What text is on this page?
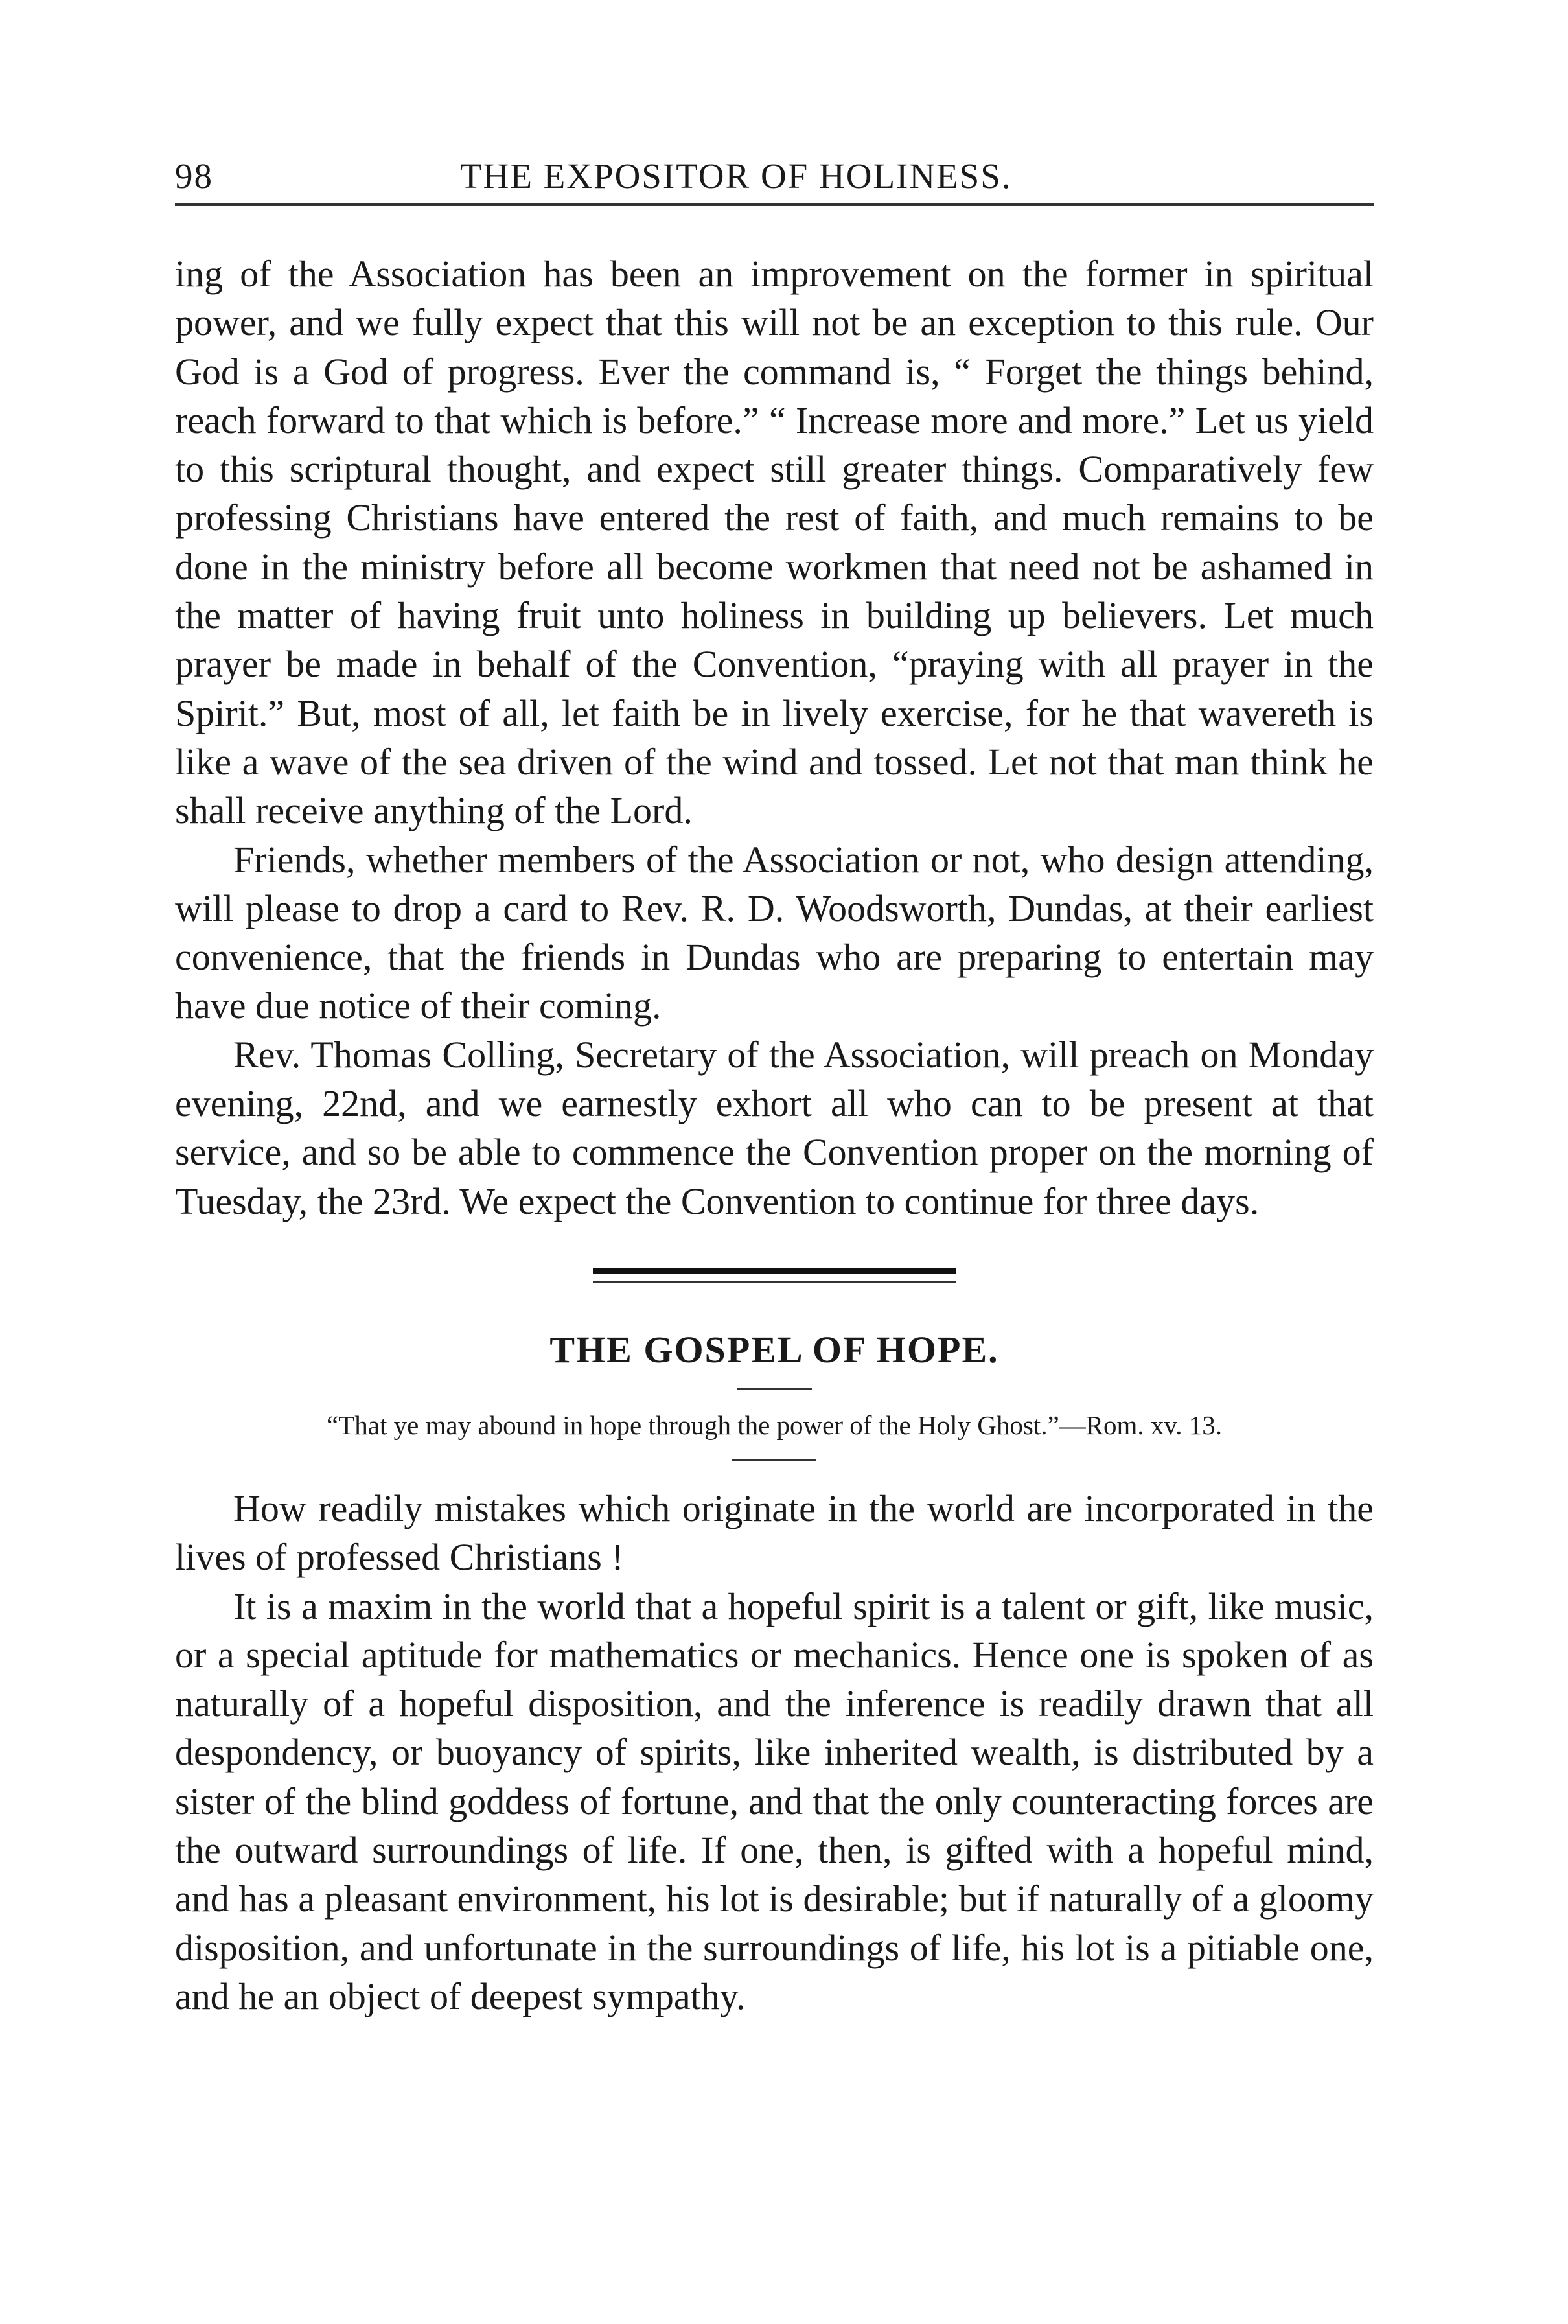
98	THE EXPOSITOR OF HOLINESS.

ing of the Association has been an improvement on the former in spiritual power, and we fully expect that this will not be an exception to this rule. Our God is a God of progress. Ever the command is, “ Forget the things behind, reach forward to that which is before.” “ Increase more and more.” Let us yield to this scriptural thought, and expect still greater things. Comparatively few professing Christians have entered the rest of faith, and much remains to be done in the ministry before all become workmen that need not be ashamed in the matter of having fruit unto holiness in building up believers. Let much prayer be made in behalf of the Convention, “praying with all prayer in the Spirit.” But, most of all, let faith be in lively exercise, for he that wavereth is like a wave of the sea driven of the wind and tossed. Let not that man think he shall receive anything of the Lord.

Friends, whether members of the Association or not, who design attending, will please to drop a card to Rev. R. D. Woodsworth, Dundas, at their earliest convenience, that the friends in Dundas who are preparing to entertain may have due notice of their coming.

Rev. Thomas Colling, Secretary of the Association, will preach on Monday evening, 22nd, and we earnestly exhort all who can to be present at that service, and so be able to commence the Convention proper on the morning of Tuesday, the 23rd. We expect the Convention to continue for three days.

THE GOSPEL OF HOPE.

“That ye may abound in hope through the power of the Holy Ghost.”—Rom. xv. 13.

How readily mistakes which originate in the world are incorporated in the lives of professed Christians !

It is a maxim in the world that a hopeful spirit is a talent or gift, like music, or a special aptitude for mathematics or mechanics. Hence one is spoken of as naturally of a hopeful disposition, and the inference is readily drawn that all despondency, or buoyancy of spirits, like inherited wealth, is distributed by a sister of the blind goddess of fortune, and that the only counteracting forces are the outward surroundings of life. If one, then, is gifted with a hopeful mind, and has a pleasant environment, his lot is desirable; but if naturally of a gloomy disposition, and unfortunate in the surroundings of life, his lot is a pitiable one, and he an object of deepest sympathy.
